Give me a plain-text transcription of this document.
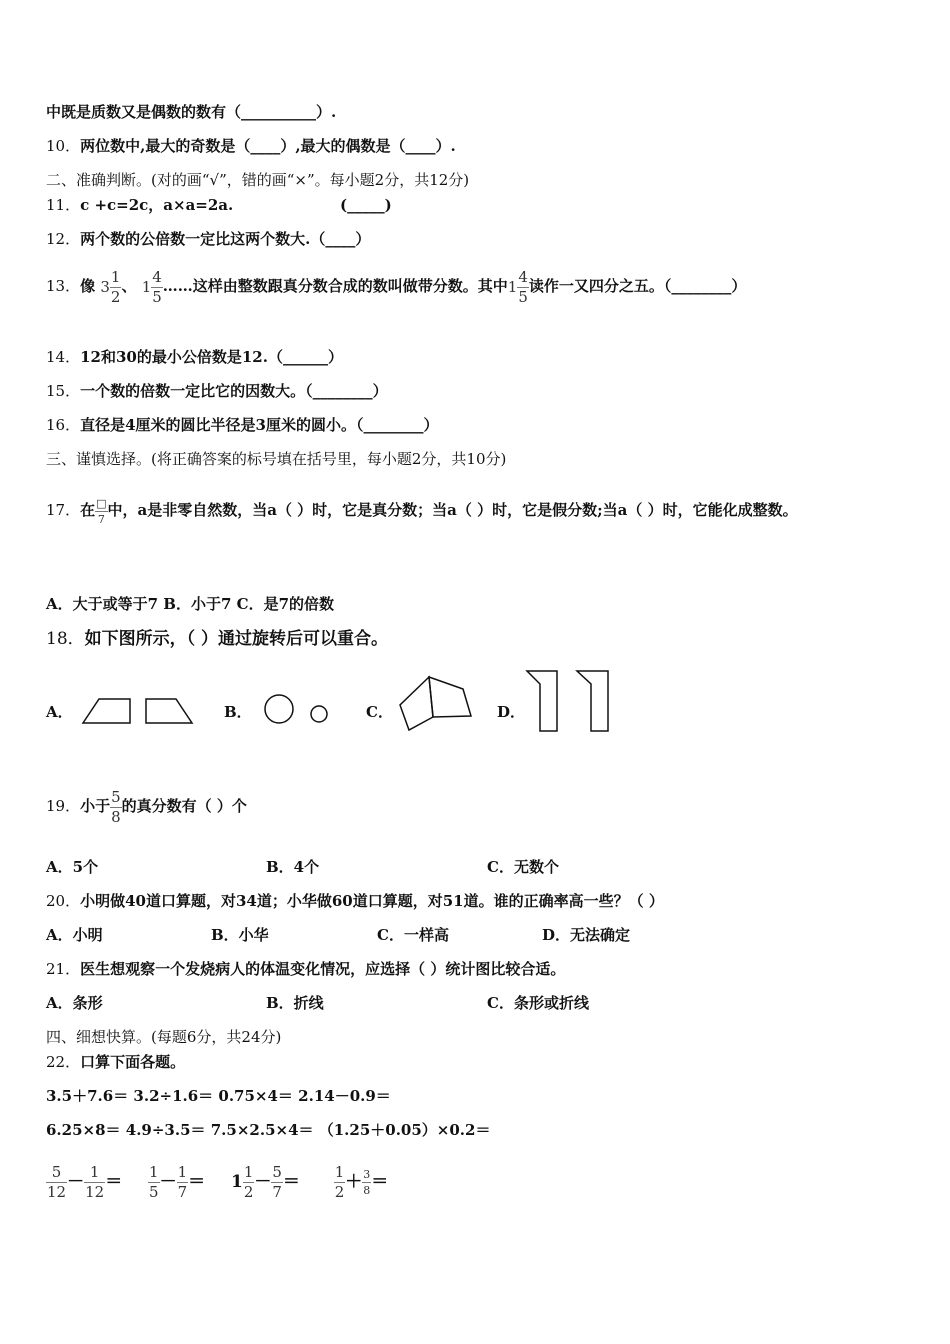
中既是质数又是偶数的数有（__________）.
10．两位数中,最大的奇数是（____）,最大的偶数是（____）.
二、准确判断。(对的画“√”，错的画“×”。每小题2分，共12分)
11．c +c=2c，a×a=2a.	(_____)
12．两个数的公倍数一定比这两个数大.（____）
13．像 $3 \frac{1}{2}$ 、 $1 \frac{4}{5}$ ……这样由整数跟真分数合成的数叫做带分数。其中$1 \frac{4}{5}$ 读作一又四分之五。（________）
14．12和30的最小公倍数是12.（______）
15．一个数的倍数一定比它的因数大。（________）
16．直径是4厘米的圆比半径是3厘米的圆小。（________）
三、谨慎选择。(将正确答案的标号填在括号里，每小题2分，共10分)
17．在 $\frac{□}{7}$ 中，a是非零自然数，当a（ ）时，它是真分数；当a（ ）时，它是假分数;当a（ ）时，它能化成整数。
A．大于或等于7 B．小于7 C．是7的倍数
18．如下图所示，（ ）通过旋转后可以重合。
A．	B．	C．	D．
19．小于 $\frac{5}{8}$ 的真分数有（ ）个
A．5个	B．4个	C．无数个
20．小明做40道口算题，对34道；小华做60道口算题，对51道。谁的正确率高一些？（ ）
A．小明	B．小华	C．一样高	D．无法确定
21．医生想观察一个发烧病人的体温变化情况，应选择（ ）统计图比较合适。
A．条形	B．折线	C．条形或折线
四、细想快算。(每题6分，共24分)
22．口算下面各题。
3.5＋7.6＝ 3.2÷1.6＝ 0.75×4＝ 2.14－0.9＝
6.25×8＝ 4.9÷3.5＝ 7.5×2.5×4＝ （1.25＋0.05）×0.2＝
$\frac{5}{12} - \frac{1}{12} = \frac{1}{5} - \frac{1}{7} = 1 \frac{1}{2} - \frac{5}{7} = \frac{1}{2} + \frac{3}{8}$ ＝
